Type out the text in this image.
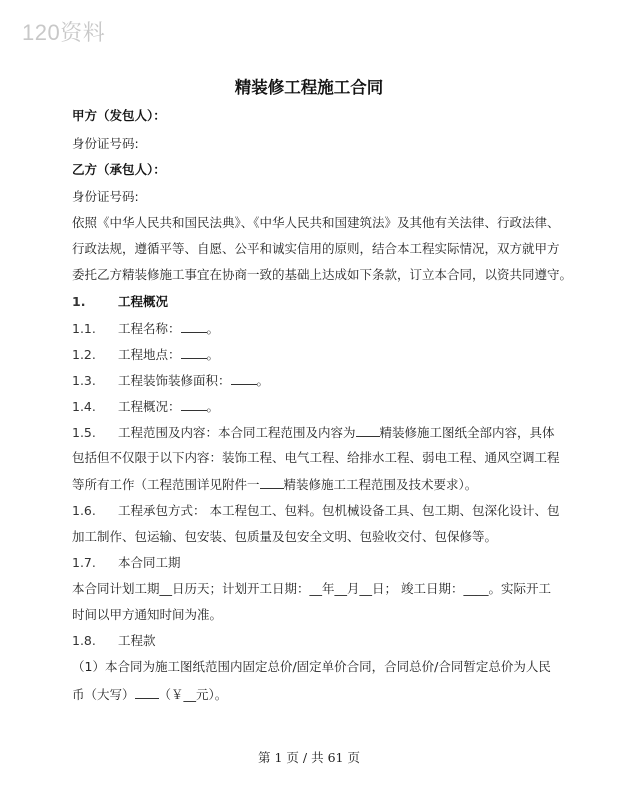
120资料
精装修工程施工合同
甲方（发包人）：
身份证号码:
乙方（承包人）：
身份证号码:
依照《中华人民共和国民法典》、《中华人民共和国建筑法》及其他有关法律、行政法律、
行政法规，遵循平等、自愿、公平和诚实信用的原则，结合本工程实际情况，双方就甲方
委托乙方精装修施工事宜在协商一致的基础上达成如下条款，订立本合同，以资共同遵守。
1.	工程概况
1.1. 工程名称： 。
1.2. 工程地点： 。
1.3. 工程装饰装修面积： 。
1.4. 工程概况： 。
1.5. 工程范围及内容：本合同工程范围及内容为 精装修施工图纸全部内容，具体
包括但不仅限于以下内容：装饰工程、电气工程、给排水工程、弱电工程、通风空调工程
等所有工作（工程范围详见附件一 精装修施工工程范围及技术要求）。
1.6. 工程承包方式： 本工程包工、包料。包机械设备工具、包工期、包深化设计、包
加工制作、包运输、包安装、包质量及包安全文明、包验收交付、包保修等。
1.7. 本合同工期
本合同计划工期__日历天；计划开工日期：__年__月__日； 竣工日期：____。实际开工
时间以甲方通知时间为准。
1.8. 工程款
（1）本合同为施工图纸范围内固定总价/固定单价合同，合同总价/合同暂定总价为人民
币（大写） （￥__元）。
第 1 页 / 共 61 页
